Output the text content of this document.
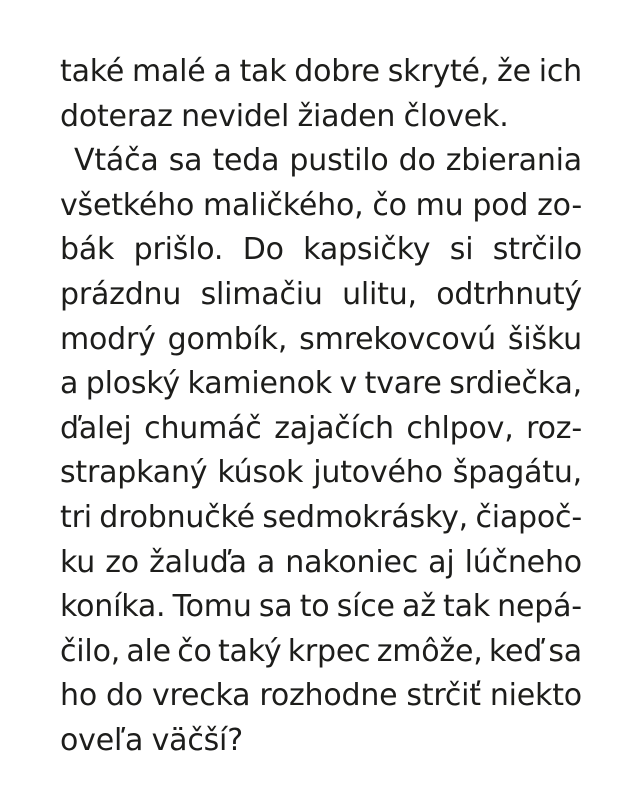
také malé a tak dobre skryté, že ich
doteraz nevidel žiaden človek.
Vtáča sa teda pustilo do zbierania
všetkého maličkého, čo mu pod zo-
bák prišlo. Do kapsičky si strčilo
prázdnu slimačiu ulitu, odtrhnutý
modrý gombík, smrekovcovú šišku
a ploský kamienok v tvare srdiečka,
ďalej chumáč zajačích chlpov, roz-
strapkaný kúsok jutového špagátu,
tri drobnučké sedmokrásky, čiapoč-
ku zo žaluďa a nakoniec aj lúčneho
koníka. Tomu sa to síce až tak nepá-
čilo, ale čo taký krpec zmôže, keď sa
ho do vrecka rozhodne strčiť niekto
oveľa väčší?
